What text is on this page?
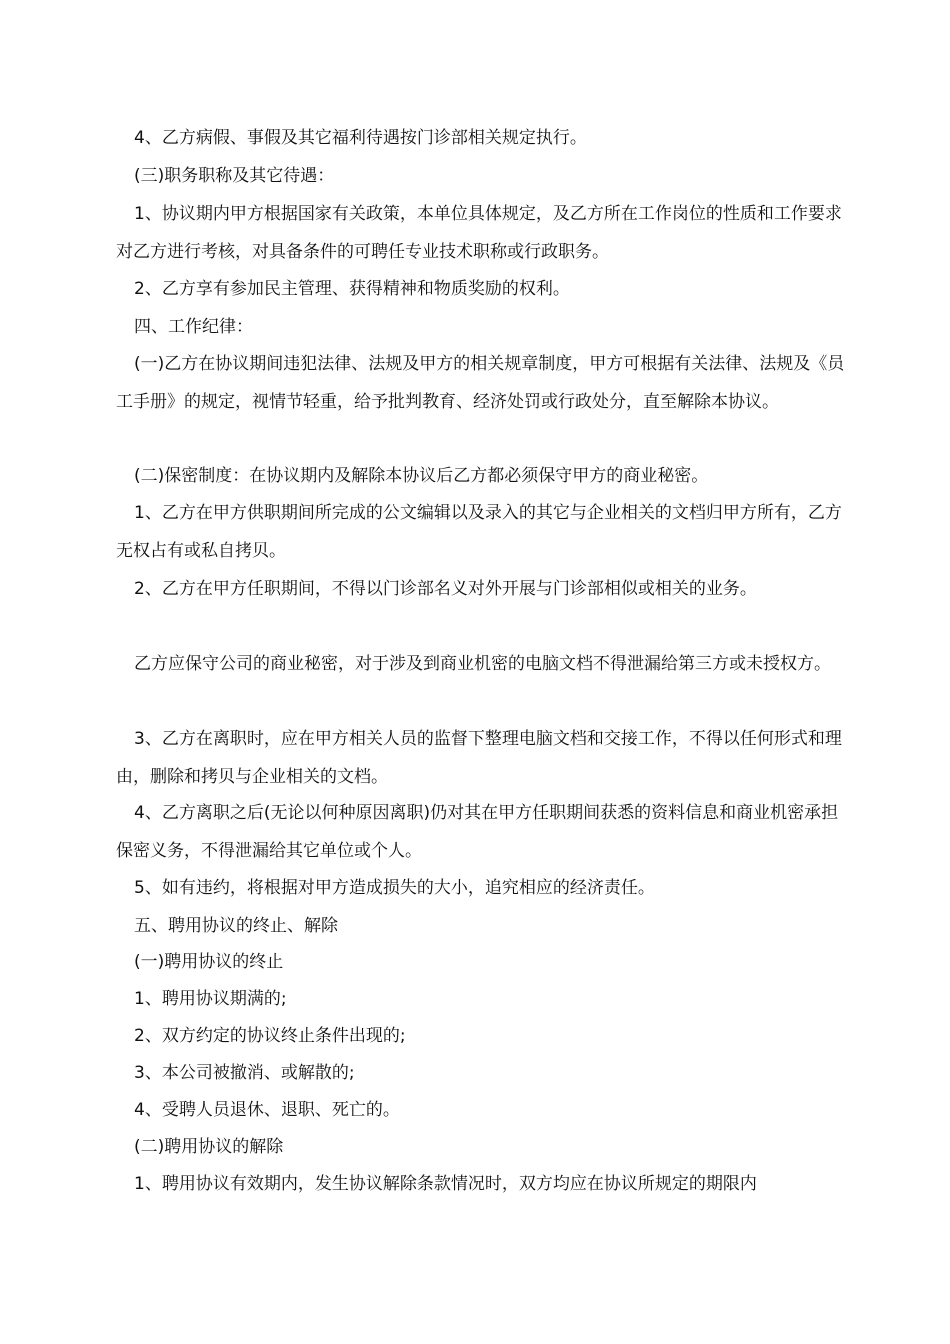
4、乙方病假、事假及其它福利待遇按门诊部相关规定执行。

(三)职务职称及其它待遇：

1、协议期内甲方根据国家有关政策，本单位具体规定，及乙方所在工作岗位的性质和工作要求对乙方进行考核，对具备条件的可聘任专业技术职称或行政职务。

2、乙方享有参加民主管理、获得精神和物质奖励的权利。

四、工作纪律：

(一)乙方在协议期间违犯法律、法规及甲方的相关规章制度，甲方可根据有关法律、法规及《员工手册》的规定，视情节轻重，给予批判教育、经济处罚或行政处分，直至解除本协议。

(二)保密制度：在协议期内及解除本协议后乙方都必须保守甲方的商业秘密。

1、乙方在甲方供职期间所完成的公文编辑以及录入的其它与企业相关的文档归甲方所有，乙方无权占有或私自拷贝。

2、乙方在甲方任职期间，不得以门诊部名义对外开展与门诊部相似或相关的业务。

乙方应保守公司的商业秘密，对于涉及到商业机密的电脑文档不得泄漏给第三方或未授权方。

3、乙方在离职时，应在甲方相关人员的监督下整理电脑文档和交接工作，不得以任何形式和理由，删除和拷贝与企业相关的文档。

4、乙方离职之后(无论以何种原因离职)仍对其在甲方任职期间获悉的资料信息和商业机密承担保密义务，不得泄漏给其它单位或个人。

5、如有违约，将根据对甲方造成损失的大小，追究相应的经济责任。

五、聘用协议的终止、解除

(一)聘用协议的终止

1、聘用协议期满的;

2、双方约定的协议终止条件出现的;

3、本公司被撤消、或解散的;

4、受聘人员退休、退职、死亡的。

(二)聘用协议的解除

1、聘用协议有效期内，发生协议解除条款情况时，双方均应在协议所规定的期限内
